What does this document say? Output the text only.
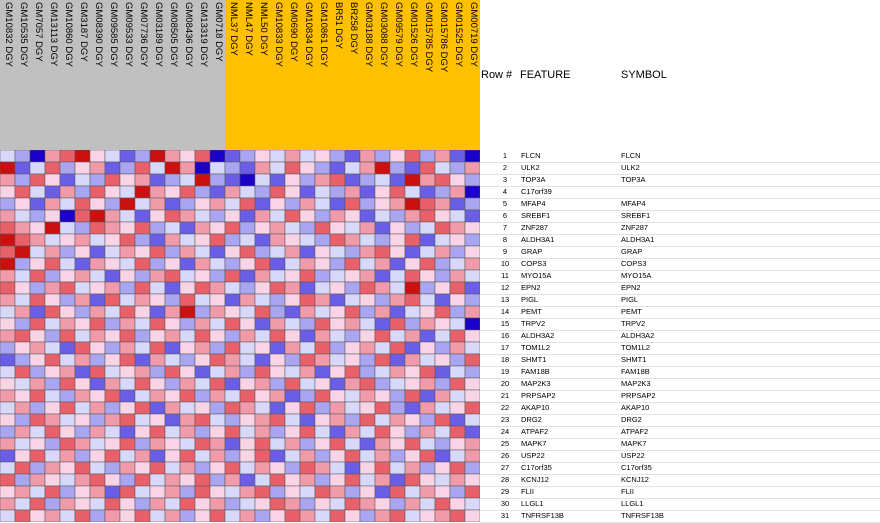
GM10832 DGY GM10535 DGY GM7057 DGY GM13113 DGY GM10860 DGY GM3187 DGY GM08390 DGY GM09585 DGY GM09533 DGY GM07736 DGY GM03189 DGY GM08505 DGY GM08436 DGY GM13319 DGY GM0718 DGY NML37 DGY NML47 DGY NML50 DGY GM10833 DGY GM0690 DGY GM10834 DGY GM10861 DGY BR51 DGY BR258 DGY GM03188 DGY GM03088 DGY GM09579 DGY GM01526 DGY GM015785 DGY GM015786 DGY GM01525 DGY GM00719 DGY
Row # FEATURE	SYMBOL
1	FLCN	FLCN
2	ULK2	ULK2
3	TOP3A	TOP3A
4	C17orf39
5	MFAP4	MFAP4
6	SREBF1	SREBF1
7	ZNF287	ZNF287
8	ALDH3A1	ALDH3A1
9	GRAP	GRAP
10	COPS3	COPS3
11	MYO15A	MYO15A
12	EPN2	EPN2
13	PIGL	PIGL
14	PEMT	PEMT
15	TRPV2	TRPV2
16	ALDH3A2	ALDH3A2
17	TOM1L2	TOM1L2
18	SHMT1	SHMT1
19	FAM18B	FAM18B
20	MAP2K3	MAP2K3
21	PRPSAP2	PRPSAP2
22	AKAP10	AKAP10
23	DRG2	DRG2
24	ATPAF2	ATPAF2
25	MAPK7	MAPK7
26	USP22	USP22
27	C17orf35	C17orf35
28	KCNJ12	KCNJ12
29	FLII	FLII
30	LLGL1	LLGL1
31	TNFRSF13B	TNFRSF13B
